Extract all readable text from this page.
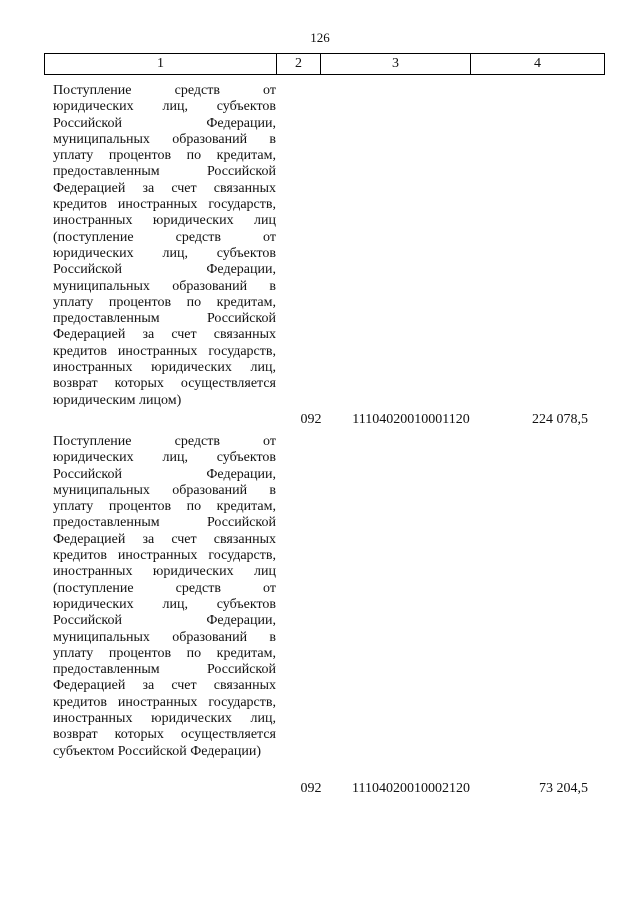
126
1	2	3	4
Поступление средств от юридических лиц, субъектов Российской Федерации, муниципальных образований в уплату процентов по кредитам, предоставленным Российской Федерацией за счет связанных кредитов иностранных государств, иностранных юридических лиц (поступление средств от юридических лиц, субъектов Российской Федерации, муниципальных образований в уплату процентов по кредитам, предоставленным Российской Федерацией за счет связанных кредитов иностранных государств, иностранных юридических лиц, возврат которых осуществляется юридическим лицом)
092	11104020010001120	224 078,5
Поступление средств от юридических лиц, субъектов Российской Федерации, муниципальных образований в уплату процентов по кредитам, предоставленным Российской Федерацией за счет связанных кредитов иностранных государств, иностранных юридических лиц (поступление средств от юридических лиц, субъектов Российской Федерации, муниципальных образований в уплату процентов по кредитам, предоставленным Российской Федерацией за счет связанных кредитов иностранных государств, иностранных юридических лиц, возврат которых осуществляется субъектом Российской Федерации)
092	11104020010002120	73 204,5
